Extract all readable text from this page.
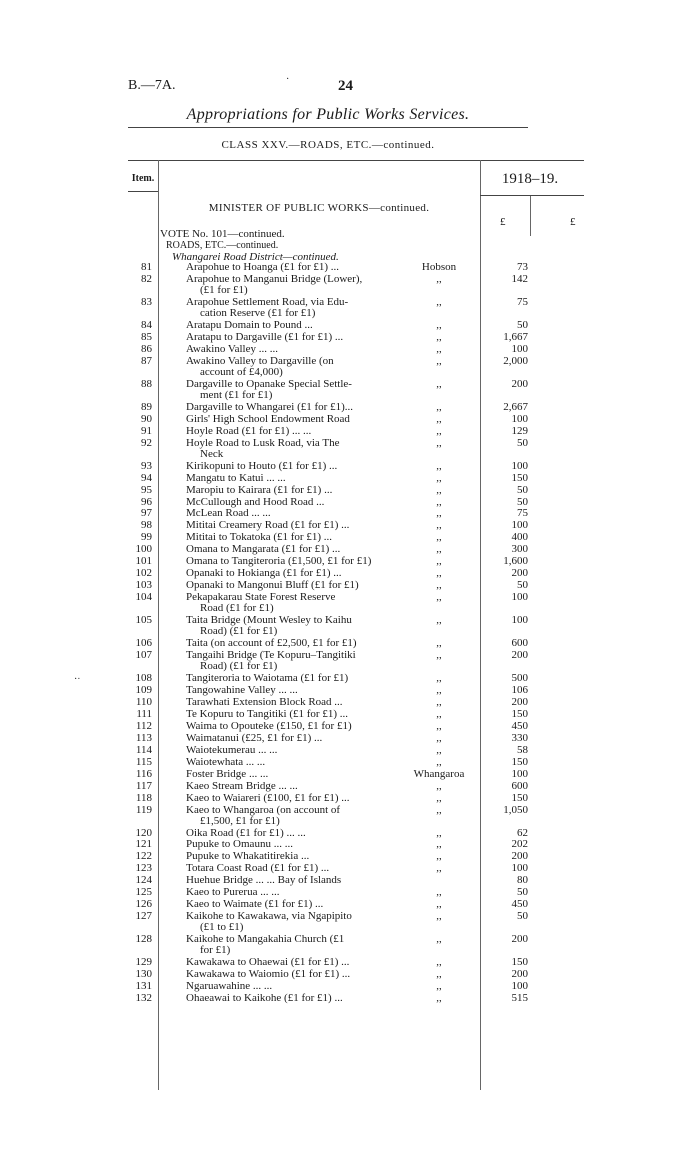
B.—7A.	·	24
Appropriations for Public Works Services.
CLASS XXV.—ROADS, ETC.—continued.
Item.	1918–19.
MINISTER OF PUBLIC WORKS—continued.
£	£
VOTE No. 101—continued.
ROADS, ETC.—continued.
Whangarei Road District—continued.
·ᐧ
81	Arapohue to Hoanga (£1 for £1) ...	Hobson	73
82	Arapohue to Manganui Bridge (Lower),
(£1 for £1)
,,	142
83	Arapohue Settlement Road, via Edu-
cation Reserve (£1 for £1)
,,	75
84	Aratapu Domain to Pound ...	,,	50
85	Aratapu to Dargaville (£1 for £1) ...	,,	1,667
86	Awakino Valley ... ...	,,	100
87	Awakino Valley to Dargaville (on
account of £4,000)
,,	2,000
88	Dargaville to Opanake Special Settle-
ment (£1 for £1)
,,	200
89	Dargaville to Whangarei (£1 for £1)...	,,	2,667
90	Girls' High School Endowment Road	,,	100
91	Hoyle Road (£1 for £1) ... ...	,,	129
92	Hoyle Road to Lusk Road, via The
Neck
,,	50
93	Kirikopuni to Houto (£1 for £1) ...	,,	100
94	Mangatu to Katui ... ...	,,	150
95	Maropiu to Kairara (£1 for £1) ...	,,	50
96	McCullough and Hood Road ...	,,	50
97	McLean Road ... ...	,,	75
98	Mititai Creamery Road (£1 for £1) ...	,,	100
99	Mititai to Tokatoka (£1 for £1) ...	,,	400
100	Omana to Mangarata (£1 for £1) ...	,,	300
101	Omana to Tangiteroria (£1,500, £1 for £1)	,,	1,600
102	Opanaki to Hokianga (£1 for £1) ...	,,	200
103	Opanaki to Mangonui Bluff (£1 for £1)	,,	50
104	Pekapakarau State Forest Reserve
Road (£1 for £1)
,,	100
105	Taita Bridge (Mount Wesley to Kaihu
Road) (£1 for £1)
,,	100
106	Taita (on account of £2,500, £1 for £1)	,,	600
107	Tangaihi Bridge (Te Kopuru–Tangitiki
Road) (£1 for £1)
,,	200
108	Tangiteroria to Waiotama (£1 for £1)	,,	500
109	Tangowahine Valley ... ...	,,	106
110	Tarawhati Extension Block Road ...	,,	200
111	Te Kopuru to Tangitiki (£1 for £1) ...	,,	150
112	Waima to Opouteke (£150, £1 for £1)	,,	450
113	Waimatanui (£25, £1 for £1) ...	,,	330
114	Waiotekumerau ... ...	,,	58
115	Waiotewhata ... ...	,,	150
116	Foster Bridge ... ...	Whangaroa	100
117	Kaeo Stream Bridge ... ...	,,	600
118	Kaeo to Waiareri (£100, £1 for £1) ...	,,	150
119	Kaeo to Whangaroa (on account of
£1,500, £1 for £1)
,,	1,050
120	Oika Road (£1 for £1) ... ...	,,	62
121	Pupuke to Omaunu ... ...	,,	202
122	Pupuke to Whakatitirekia ...	,,	200
123	Totara Coast Road (£1 for £1) ...	,,	100
124	Huehue Bridge ... ... Bay of Islands	80
125	Kaeo to Purerua ... ...	,,	50
126	Kaeo to Waimate (£1 for £1) ...	,,	450
127	Kaikohe to Kawakawa, via Ngapipito
(£1 to £1)
,,	50
128	Kaikohe to Mangakahia Church (£1
for £1)
,,	200
129	Kawakawa to Ohaewai (£1 for £1) ...	,,	150
130	Kawakawa to Waiomio (£1 for £1) ...	,,	200
131	Ngaruawahine ... ...	,,	100
132	Ohaeawai to Kaikohe (£1 for £1) ...	,,	515
